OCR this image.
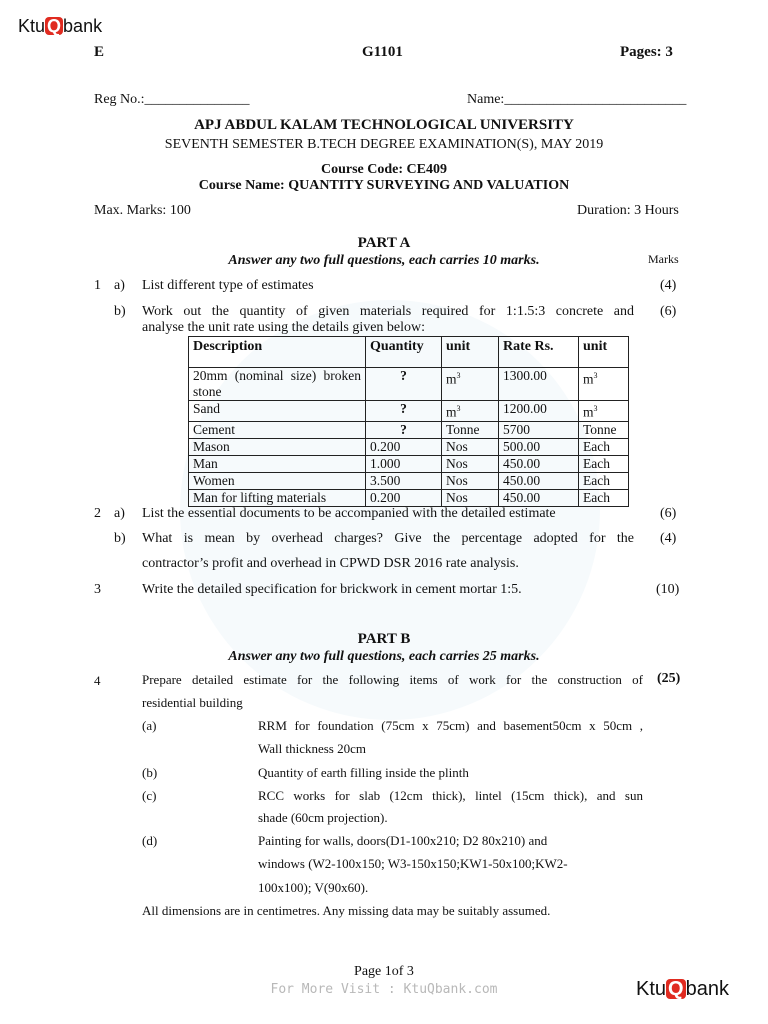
Ktu Q bank
E	G1101	Pages: 3
Reg No.:_______________	Name:__________________________
APJ ABDUL KALAM TECHNOLOGICAL UNIVERSITY
SEVENTH SEMESTER B.TECH DEGREE EXAMINATION(S), MAY 2019
Course Code: CE409
Course Name: QUANTITY SURVEYING AND VALUATION
Max. Marks: 100	Duration: 3 Hours
PART A
Answer any two full questions, each carries 10 marks.	Marks
1 a) List different type of estimates	(4)
b) Work out the quantity of given materials required for 1:1.5:3 concrete and
analyse the unit rate using the details given below:
(6)
Description	Quantity	unit	Rate Rs.	unit
20mm (nominal size) broken stone	?	$m^3$	1300.00	$m^3$
Sand	?	$m^3$	1200.00	$m^3$
Cement	?	Tonne	5700	Tonne
Mason	0.200	Nos	500.00	Each
Man	1.000	Nos	450.00	Each
Women	3.500	Nos	450.00	Each
Man for lifting materials	0.200	Nos	450.00	Each
2 a) List the essential documents to be accompanied with the detailed estimate	(6)
b) What is mean by overhead charges? Give the percentage adopted for the
contractor’s profit and overhead in CPWD DSR 2016 rate analysis.
(4)
3	Write the detailed specification for brickwork in cement mortar 1:5.	(10)
PART B
Answer any two full questions, each carries 25 marks.
4	Prepare detailed estimate for the following items of work for the construction of
residential building
(25)
(a)	RRM for foundation (75cm x 75cm) and basement50cm x 50cm ,
Wall thickness 20cm
(b)	Quantity of earth filling inside the plinth
(c)	RCC works for slab (12cm thick), lintel (15cm thick), and sun
shade (60cm projection).
(d)	Painting for walls, doors(D1-100x210; D2 80x210) and
windows (W2-100x150; W3-150x150;KW1-50x100;KW2-
100x100); V(90x60).
All dimensions are in centimetres. Any missing data may be suitably assumed.
Page 1of 3
For More Visit : KtuQbank.com	Ktu Q bank
